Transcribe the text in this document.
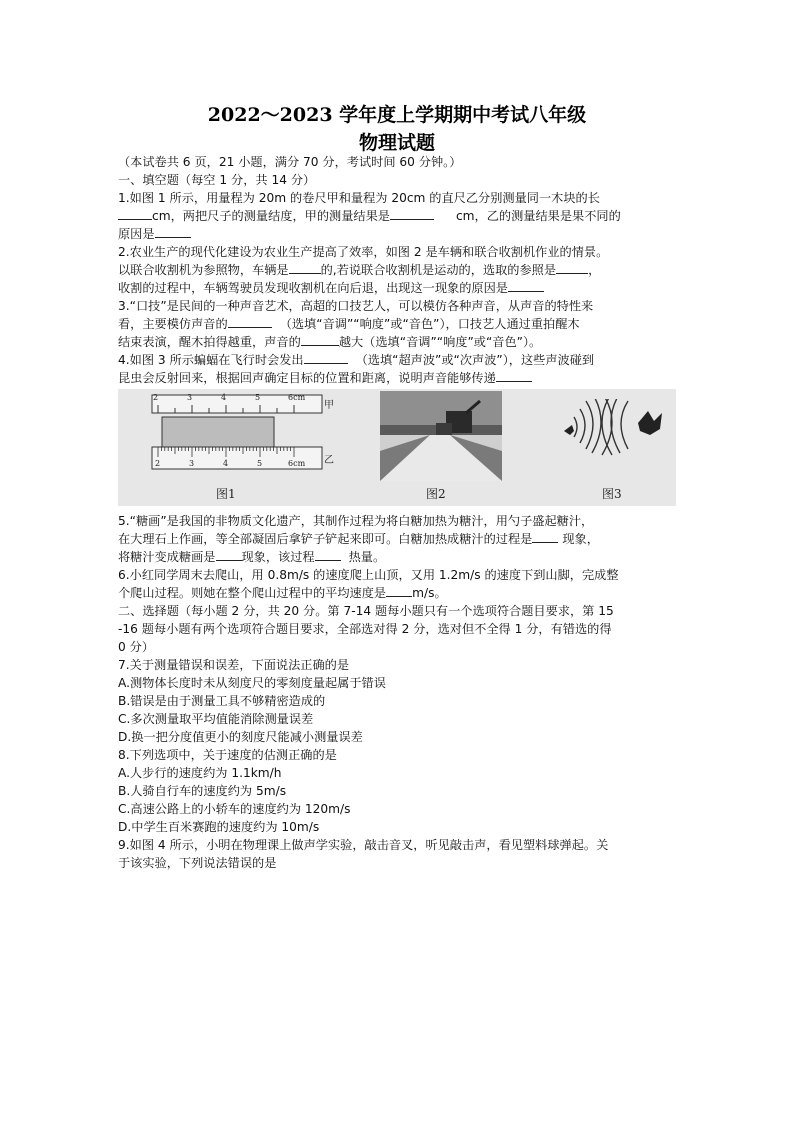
2022～2023 学年度上学期期中考试八年级
物理试题
（本试卷共 6 页，21 小题，满分 70 分，考试时间 60 分钟。）
一、填空题（每空 1 分，共 14 分）
1.如图 1 所示，用量程为 20m 的卷尺甲和量程为 20cm 的直尺乙分别测量同一木块的长
cm，两把尺子的测量结度，甲的测量结果是	cm，乙的测量结果是果不同的
原因是
2.农业生产的现代化建设为农业生产提高了效率，如图 2 是车辆和联合收割机作业的情景。
以联合收割机为参照物，车辆是	的,若说联合收割机是运动的，选取的参照是	，
收割的过程中，车辆驾驶员发现收割机在向后退，出现这一现象的原因是
3.“口技”是民间的一种声音艺术，高超的口技艺人，可以模仿各种声音，从声音的特性来
看，主要模仿声音的	（选填“音调”“响度”或“音色”），口技艺人通过重拍醒木
结束表演，醒木拍得越重，声音的	越大（选填“音调”“响度”或“音色”）。
4.如图 3 所示蝙蝠在飞行时会发出	（选填“超声波”或“次声波”），这些声波碰到
昆虫会反射回来，根据回声确定目标的位置和距离，说明声音能够传递
2	3	4	5	6cm
甲
2	3	4	5	6cm 乙
图1	图2	图3
5.“糖画”是我国的非物质文化遗产，其制作过程为将白糖加热为糖汁，用勺子盛起糖汁，
在大理石上作画，等全部凝固后拿铲子铲起来即可。白糖加热成糖汁的过程是 现象，
将糖汁变成糖画是 现象，该过程	热量。
6.小红同学周末去爬山，用 0.8m/s 的速度爬上山顶，又用 1.2m/s 的速度下到山脚，完成整
个爬山过程。则她在整个爬山过程中的平均速度是 m/s。
二、选择题（每小题 2 分，共 20 分。第 7-14 题每小题只有一个选项符合题目要求，第 15
-16 题每小题有两个选项符合题目要求，全部选对得 2 分，选对但不全得 1 分，有错选的得
0 分）
7.关于测量错误和误差，下面说法正确的是
A.测物体长度时未从刻度尺的零刻度量起属于错误
B.错误是由于测量工具不够精密造成的
C.多次测量取平均值能消除测量误差
D.换一把分度值更小的刻度尺能减小测量误差
8.下列选项中，关于速度的估测正确的是
A.人步行的速度约为 1.1km/h
B.人骑自行车的速度约为 5m/s
C.高速公路上的小轿车的速度约为 120m/s
D.中学生百米赛跑的速度约为 10m/s
9.如图 4 所示，小明在物理课上做声学实验，敲击音叉，听见敲击声，看见塑料球弹起。关
于该实验，下列说法错误的是
